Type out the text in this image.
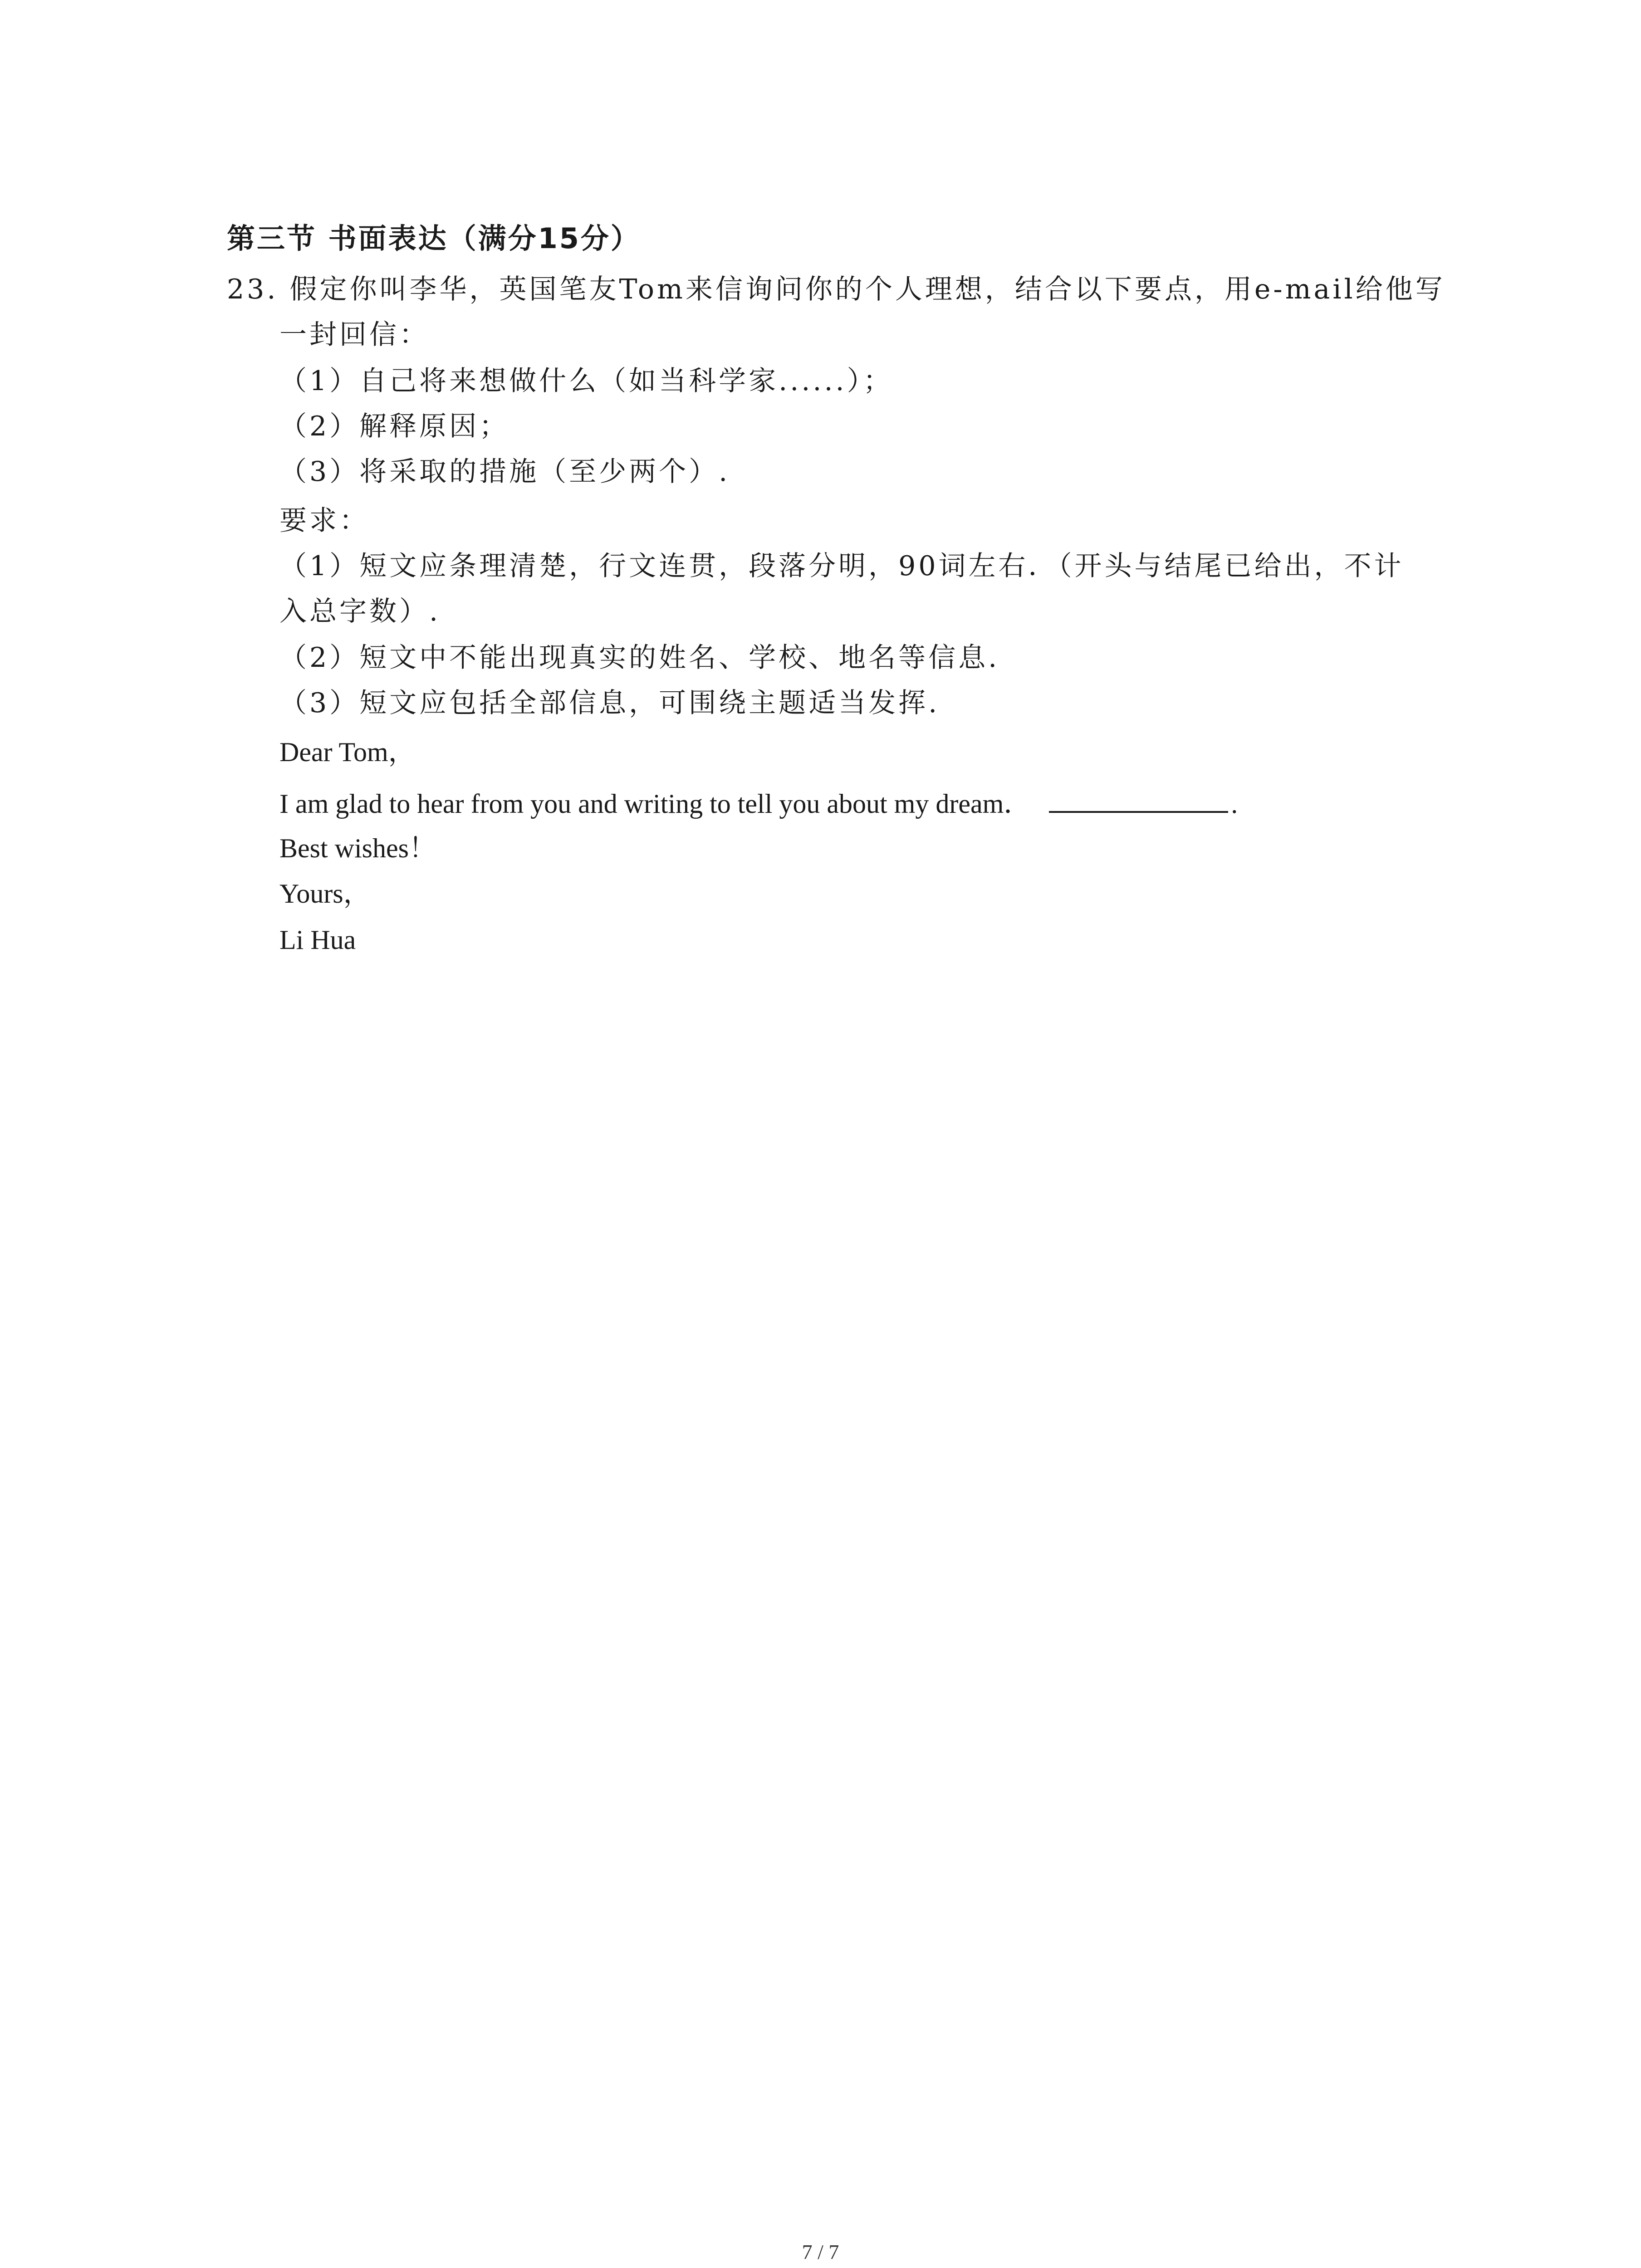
第三节 书面表达（满分15分）
23. 假定你叫李华，英国笔友Tom来信询问你的个人理想，结合以下要点，用e-mail给他写
一封回信：
（1）自己将来想做什么（如当科学家......）；
（2）解释原因；
（3）将采取的措施（至少两个）.
要求：
（1）短文应条理清楚，行文连贯，段落分明，90词左右．（开头与结尾已给出，不计
入总字数）.
（2）短文中不能出现真实的姓名、学校、地名等信息.
（3）短文应包括全部信息，可围绕主题适当发挥.
Dear Tom，
I am glad to hear from you and writing to tell you about my dream．	.
Best wishes！
Yours，
Li Hua
7 / 7
